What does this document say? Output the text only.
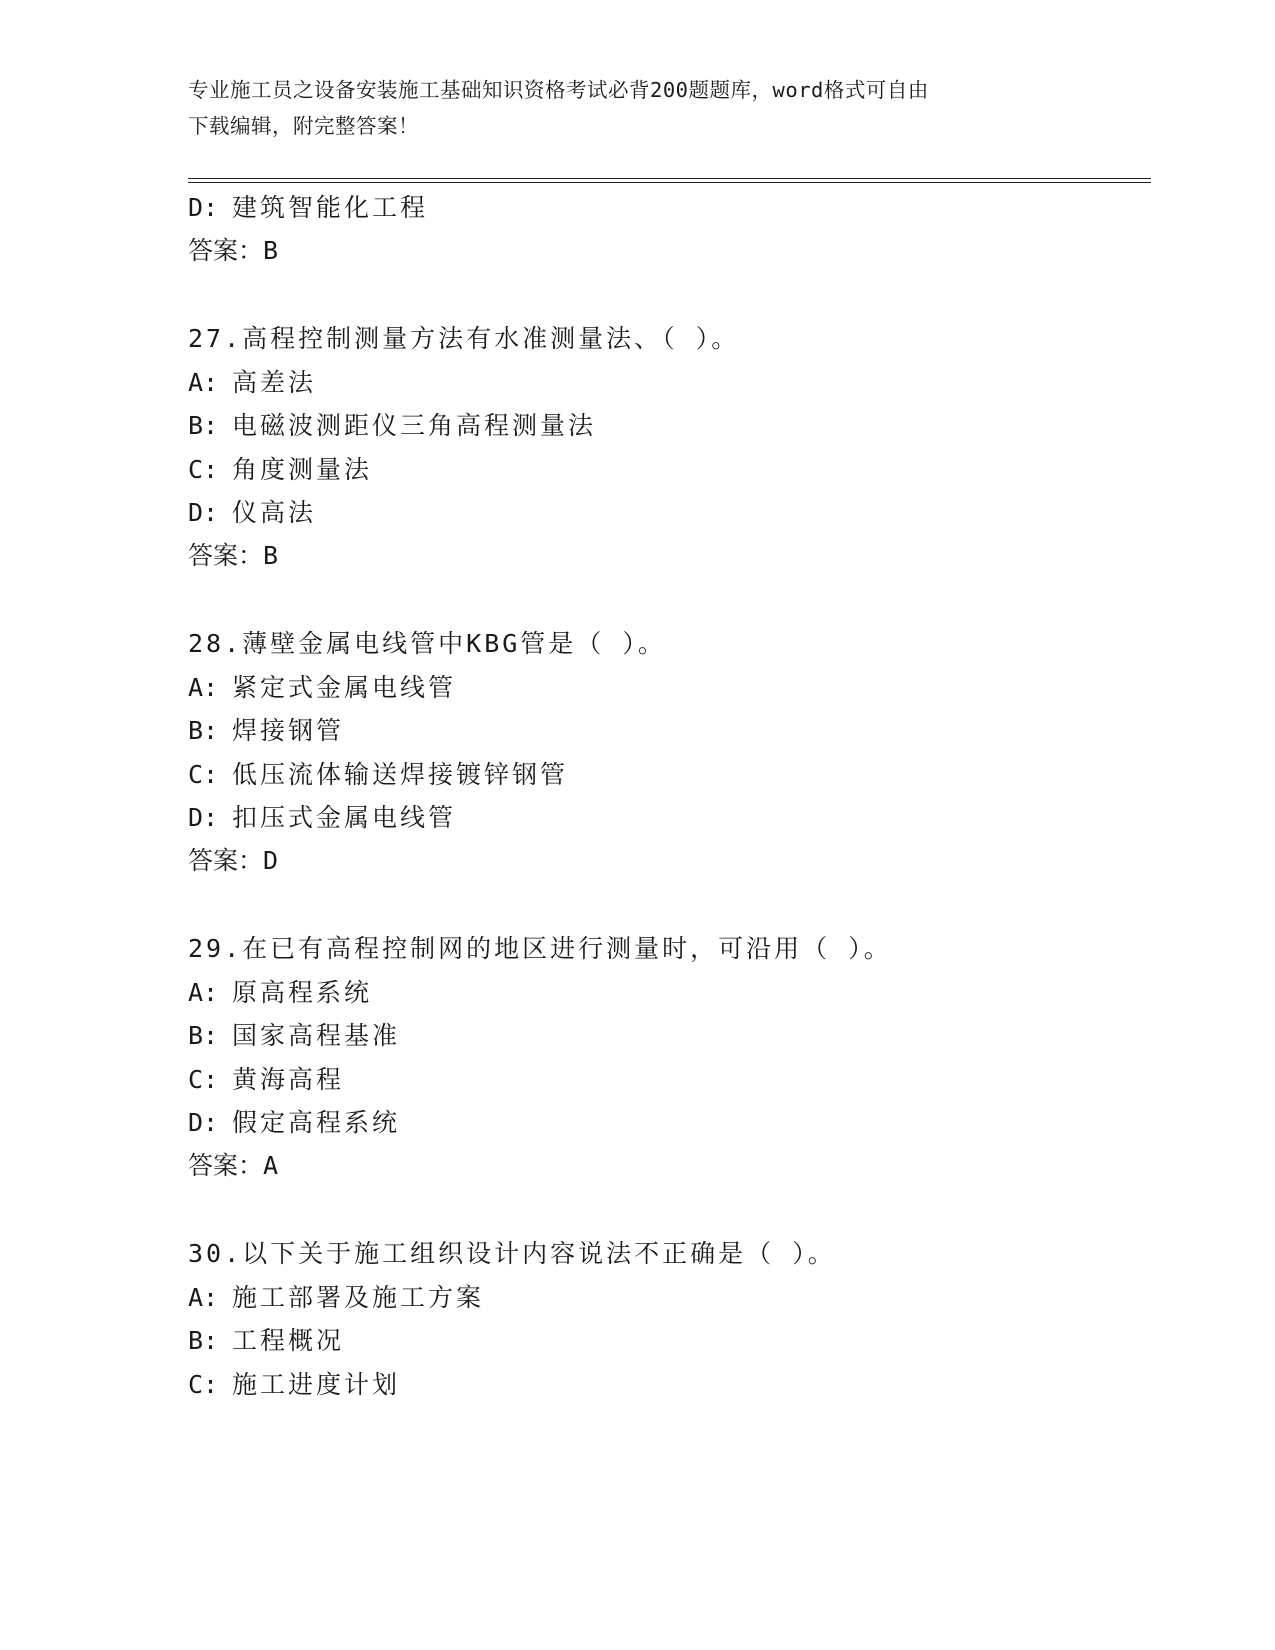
专业施工员之设备安装施工基础知识资格考试必背200题题库，word格式可自由
下载编辑，附完整答案！
D: 建筑智能化工程
答案：B
27.高程控制测量方法有水准测量法、（ ）。
A: 高差法
B: 电磁波测距仪三角高程测量法
C: 角度测量法
D: 仪高法
答案：B
28.薄壁金属电线管中KBG管是（ ）。
A: 紧定式金属电线管
B: 焊接钢管
C: 低压流体输送焊接镀锌钢管
D: 扣压式金属电线管
答案：D
29.在已有高程控制网的地区进行测量时，可沿用（ ）。
A: 原高程系统
B: 国家高程基准
C: 黄海高程
D: 假定高程系统
答案：A
30.以下关于施工组织设计内容说法不正确是（ ）。
A: 施工部署及施工方案
B: 工程概况
C: 施工进度计划
